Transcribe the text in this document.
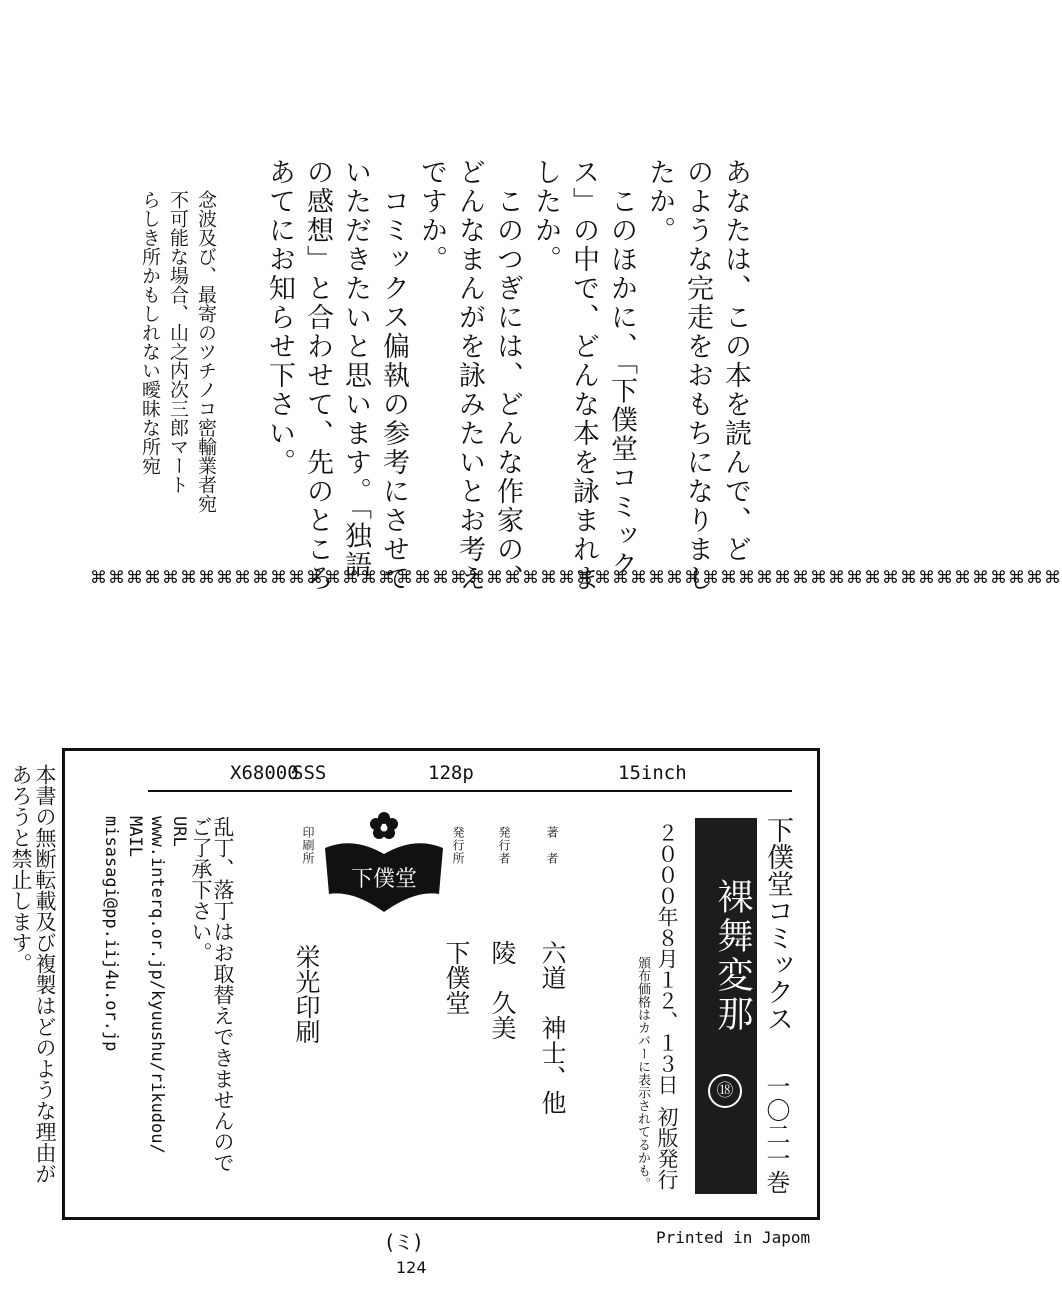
あなたは、この本を読んで、ど
のような完走をおもちになりまし
たか。
　このほかに、「下僕堂コミック
ス」の中で、どんな本を詠まれま
したか。
　このつぎには、どんな作家の、
どんなまんがを詠みたいとお考え
ですか。
　コミックス偏執の参考にさせて
いただきたいと思います。「独語
の感想」と合わせて、先のところ
あてにお知らせ下さい。
念波及び、最寄のツチノコ密輸業者宛
不可能な場合、山之内次三郎マート
らしき所かもしれない曖昧な所宛
⌘⌘⌘⌘⌘⌘⌘⌘⌘⌘⌘⌘⌘⌘⌘⌘⌘⌘⌘⌘⌘⌘⌘⌘⌘⌘⌘⌘⌘⌘⌘⌘⌘⌘⌘⌘⌘⌘⌘⌘⌘⌘⌘⌘⌘⌘⌘⌘⌘⌘⌘⌘⌘⌘
X68000
SSS	128p	15inch
下僕堂コミックス
一〇二一巻
裸舞変那
⑱
２０００年８月１２、１３日
初版発行
頒布価格はカバーに表示されてるかも。
著　者
六道　神士、他
発行者
陵　久美
発行所
下僕堂
下僕堂
印刷所
栄光印刷
乱丁、落丁はお取替えできませんので
ご了承下さい。
URL
www.interq.or.jp/kyuushu/rikudou/
MAIL
misasagi@pp.iij4u.or.jp
本書の無断転載及び複製はどのような理由が
あろうと禁止します。
(ミ)	Printed in Japom
124
